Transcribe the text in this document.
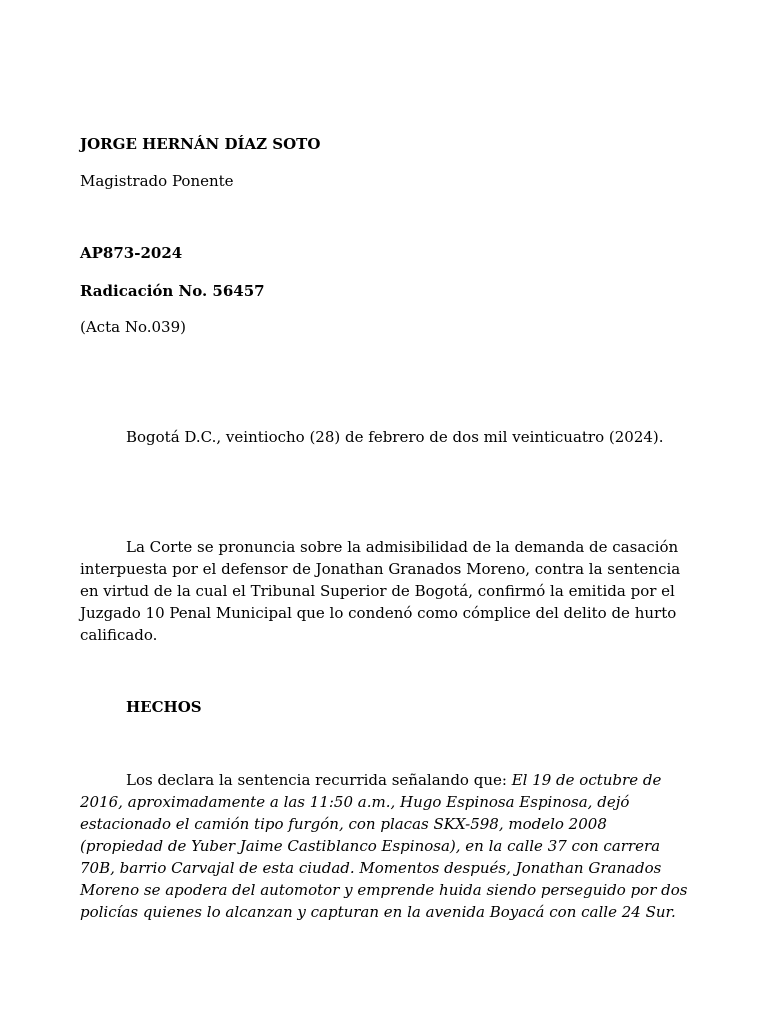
JORGE HERNÁN DÍAZ SOTO

Magistrado Ponente

AP873-2024

Radicación No. 56457

(Acta No.039)

Bogotá D.C., veintiocho (28) de febrero de dos mil veinticuatro (2024).

La Corte se pronuncia sobre la admisibilidad de la demanda de casación interpuesta por el defensor de Jonathan Granados Moreno, contra la sentencia en virtud de la cual el Tribunal Superior de Bogotá, confirmó la emitida por el Juzgado 10 Penal Municipal que lo condenó como cómplice del delito de hurto calificado.

HECHOS

Los declara la sentencia recurrida señalando que: El 19 de octubre de 2016, aproximadamente a las 11:50 a.m., Hugo Espinosa Espinosa, dejó estacionado el camión tipo furgón, con placas SKX-598, modelo 2008 (propiedad de Yuber Jaime Castiblanco Espinosa), en la calle 37 con carrera 70B, barrio Carvajal de esta ciudad. Momentos después, Jonathan Granados Moreno se apodera del automotor y emprende huida siendo perseguido por dos policías quienes lo alcanzan y capturan en la avenida Boyacá con calle 24 Sur.
